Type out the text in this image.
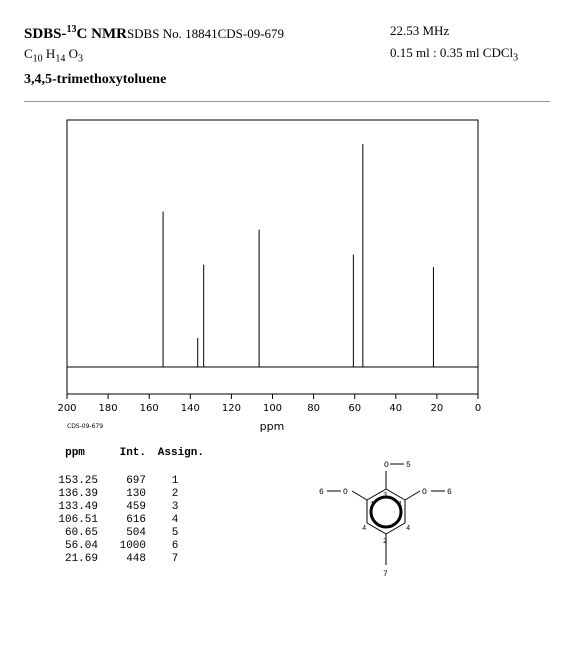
SDBS-$^{13}$C NMRSDBS No. 18841CDS-09-679
$C_{10}$ $H_{14}$ $O_3$
3,4,5-trimethoxytoluene
22.53 MHz
0.15 ml : 0.35 ml CDCl$_3$
200 180 160 140 120 100	80	60	40	20	0
ppm
CDS-09-679
ppm	Int. Assign.
153.25	697 1
136.39	130 2
133.49	459 3
106.51	616 4
60.65	504 5
56.04 1000 6
21.69	448 7
O 5
6 O	O	6
3
1	1
4	4
2
7
